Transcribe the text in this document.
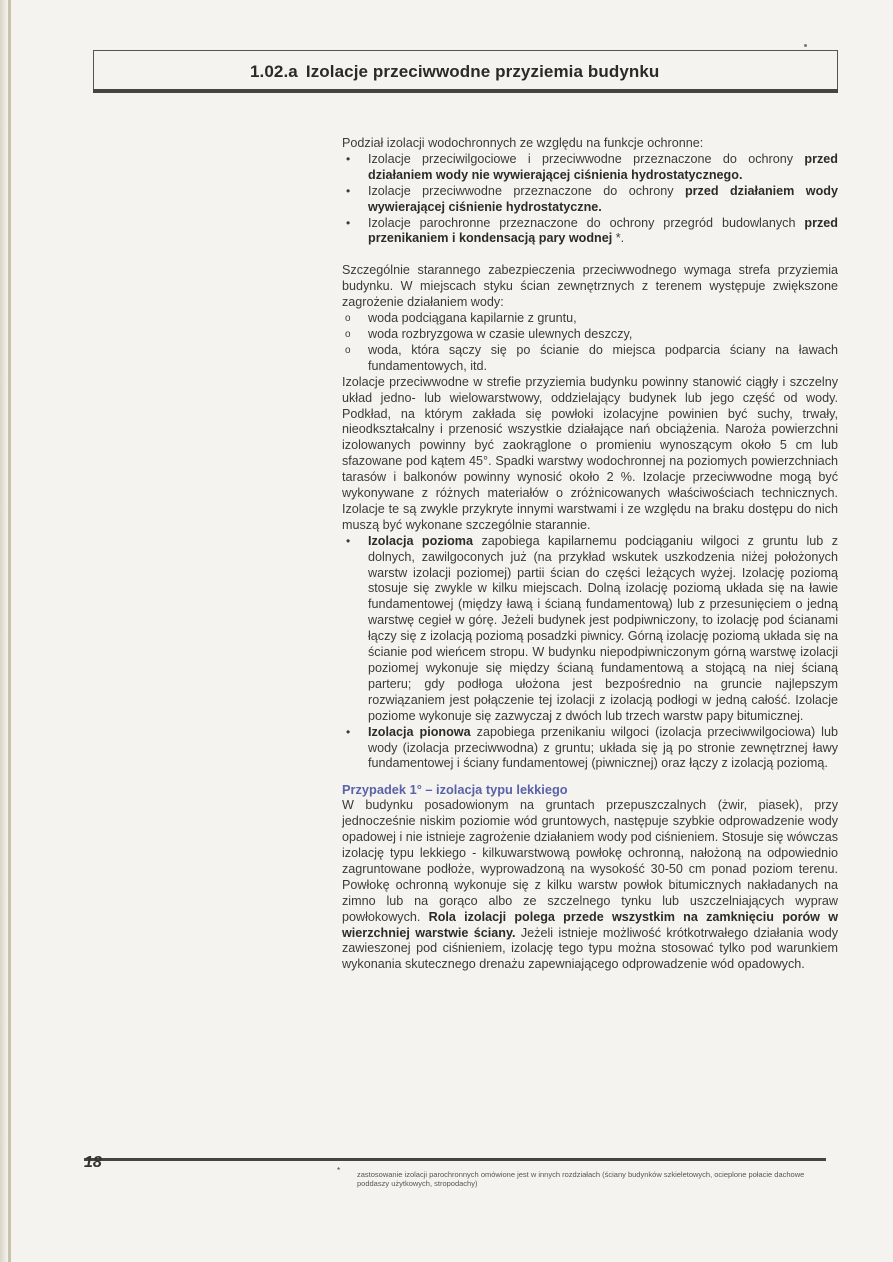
1.02.a Izolacje przeciwwodne przyziemia budynku

Podział izolacji wodochronnych ze względu na funkcje ochronne:

• Izolacje przeciwilgociowe i przeciwwodne przeznaczone do ochrony przed działaniem wody nie wywierającej ciśnienia hydrostatycznego.
• Izolacje przeciwwodne przeznaczone do ochrony przed działaniem wody wywierającej ciśnienie hydrostatyczne.
• Izolacje parochronne przeznaczone do ochrony przegród budowlanych przed przenikaniem i kondensacją pary wodnej *.

Szczególnie starannego zabezpieczenia przeciwwodnego wymaga strefa przyziemia budynku. W miejscach styku ścian zewnętrznych z terenem występuje zwiększone zagrożenie działaniem wody:

o woda podciągana kapilarnie z gruntu,
o woda rozbryzgowa w czasie ulewnych deszczy,
o woda, która sączy się po ścianie do miejsca podparcia ściany na ławach fundamentowych, itd.

Izolacje przeciwwodne w strefie przyziemia budynku powinny stanowić ciągły i szczelny układ jedno- lub wielowarstwowy, oddzielający budynek lub jego część od wody. Podkład, na którym zakłada się powłoki izolacyjne powinien być suchy, trwały, nieodkształcalny i przenosić wszystkie działające nań obciążenia. Naroża powierzchni izolowanych powinny być zaokrąglone o promieniu wynoszącym około 5 cm lub sfazowane pod kątem 45°. Spadki warstwy wodochronnej na poziomych powierzchniach tarasów i balkonów powinny wynosić około 2 %. Izolacje przeciwwodne mogą być wykonywane z różnych materiałów o zróżnicowanych właściwościach technicznych. Izolacje te są zwykle przykryte innymi warstwami i ze względu na braku dostępu do nich muszą być wykonane szczególnie starannie.

• Izolacja pozioma zapobiega kapilarnemu podciąganiu wilgoci z gruntu lub z dolnych, zawilgoconych już (na przykład wskutek uszkodzenia niżej położonych warstw izolacji poziomej) partii ścian do części leżących wyżej. Izolację poziomą stosuje się zwykle w kilku miejscach. Dolną izolację poziomą układa się na ławie fundamentowej (między ławą i ścianą fundamentową) lub z przesunięciem o jedną warstwę cegieł w górę. Jeżeli budynek jest podpiwniczony, to izolację pod ścianami łączy się z izolacją poziomą posadzki piwnicy. Górną izolację poziomą układa się na ścianie pod wieńcem stropu. W budynku niepodpiwniczonym górną warstwę izolacji poziomej wykonuje się między ścianą fundamentową a stojącą na niej ścianą parteru; gdy podłoga ułożona jest bezpośrednio na gruncie najlepszym rozwiązaniem jest połączenie tej izolacji z izolacją podłogi w jedną całość. Izolacje poziome wykonuje się zazwyczaj z dwóch lub trzech warstw papy bitumicznej.
• Izolacja pionowa zapobiega przenikaniu wilgoci (izolacja przeciwwilgociowa) lub wody (izolacja przeciwwodna) z gruntu; układa się ją po stronie zewnętrznej ławy fundamentowej i ściany fundamentowej (piwnicznej) oraz łączy z izolacją poziomą.
Przypadek 1° – izolacja typu lekkiego

W budynku posadowionym na gruntach przepuszczalnych (żwir, piasek), przy jednocześnie niskim poziomie wód gruntowych, następuje szybkie odprowadzenie wody opadowej i nie istnieje zagrożenie działaniem wody pod ciśnieniem. Stosuje się wówczas izolację typu lekkiego - kilkuwarstwową powłokę ochronną, nałożoną na odpowiednio zagruntowane podłoże, wyprowadzoną na wysokość 30-50 cm ponad poziom terenu. Powłokę ochronną wykonuje się z kilku warstw powłok bitumicznych nakładanych na zimno lub na gorąco albo ze szczelnego tynku lub uszczelniających wypraw powłokowych. Rola izolacji polega przede wszystkim na zamknięciu porów w wierzchniej warstwie ściany. Jeżeli istnieje możliwość krótkotrwałego działania wody zawieszonej pod ciśnieniem, izolację tego typu można stosować tylko pod warunkiem wykonania skutecznego drenażu zapewniającego odprowadzenie wód opadowych.

18	* zastosowanie izolacji parochronnych omówione jest w innych rozdziałach (ściany budynków szkieletowych, ocieplone połacie dachowe poddaszy użytkowych, stropodachy)
